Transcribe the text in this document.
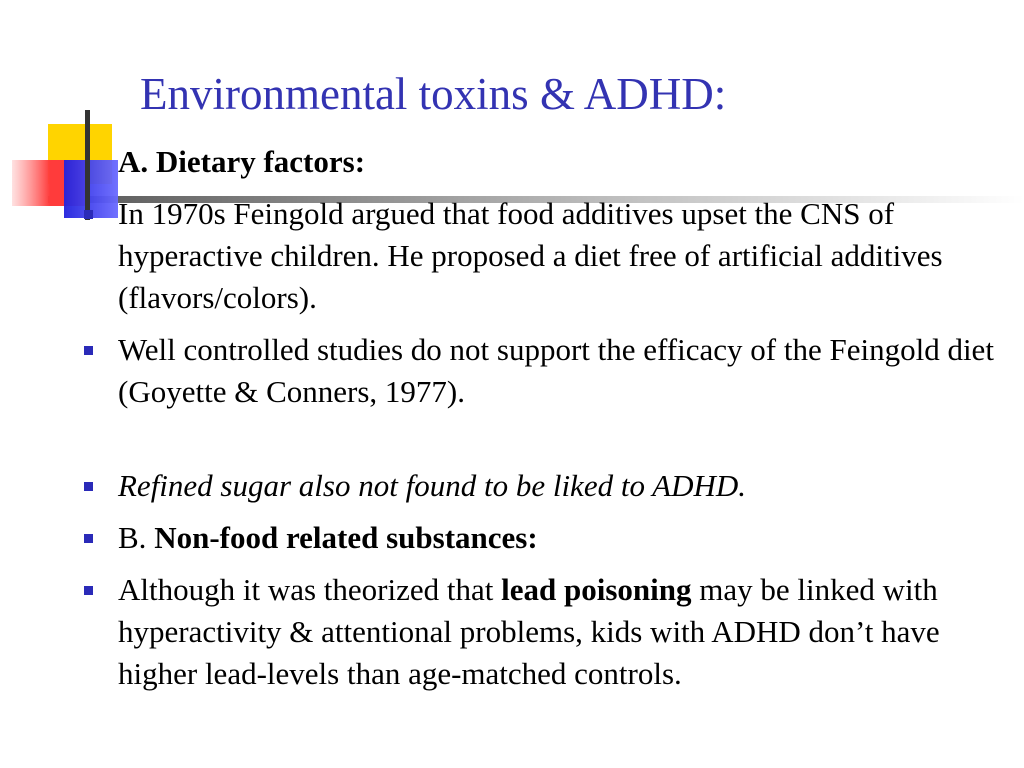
Environmental toxins & ADHD:
A. Dietary factors:
In 1970s Feingold argued that food additives upset the CNS of hyperactive children. He proposed a diet free of artificial additives (flavors/colors).
Well controlled studies do not support the efficacy of the Feingold diet (Goyette & Conners, 1977).
Refined sugar also not found to be liked to ADHD.
B. Non-food related substances:
Although it was theorized that lead poisoning may be linked with hyperactivity & attentional problems, kids with ADHD don’t have higher lead-levels than age-matched controls.
